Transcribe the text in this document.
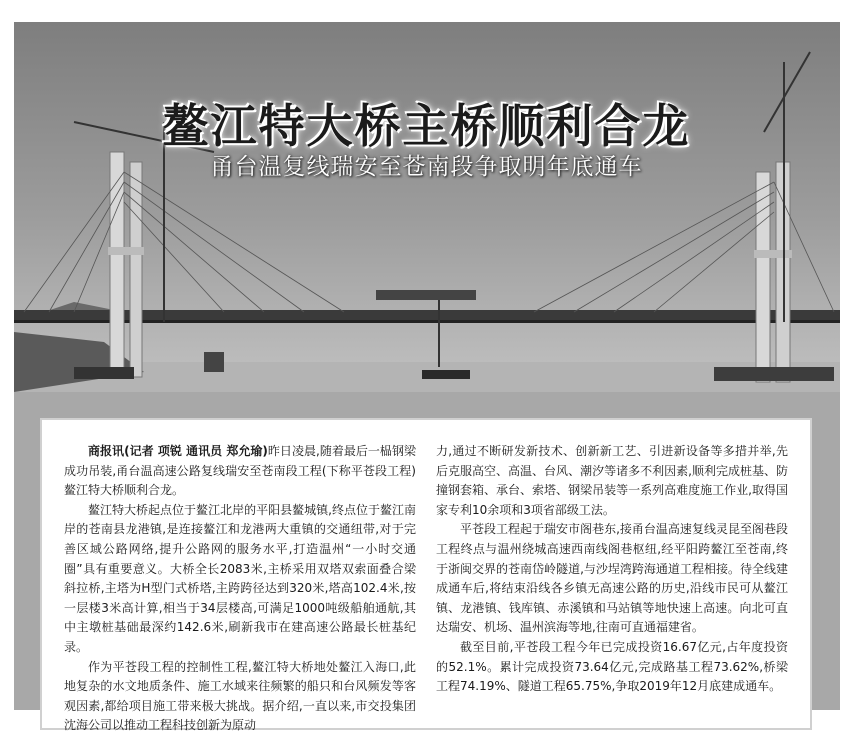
鳌江特大桥主桥顺利合龙
甬台温复线瑞安至苍南段争取明年底通车

商报讯(记者 项锐 通讯员 郑允瑜)昨日凌晨,随着最后一榀钢梁成功吊装,甬台温高速公路复线瑞安至苍南段工程(下称平苍段工程)鳌江特大桥顺利合龙。

鳌江特大桥起点位于鳌江北岸的平阳县鳌城镇,终点位于鳌江南岸的苍南县龙港镇,是连接鳌江和龙港两大重镇的交通纽带,对于完善区域公路网络,提升公路网的服务水平,打造温州“一小时交通圈”具有重要意义。大桥全长2083米,主桥采用双塔双索面叠合梁斜拉桥,主塔为H型门式桥塔,主跨跨径达到320米,塔高102.4米,按一层楼3米高计算,相当于34层楼高,可满足1000吨级船舶通航,其中主墩桩基础最深约142.6米,刷新我市在建高速公路最长桩基纪录。

作为平苍段工程的控制性工程,鳌江特大桥地处鳌江入海口,此地复杂的水文地质条件、施工水域来往频繁的船只和台风频发等客观因素,都给项目施工带来极大挑战。据介绍,一直以来,市交投集团沈海公司以推动工程科技创新为原动

力,通过不断研发新技术、创新新工艺、引进新设备等多措并举,先后克服高空、高温、台风、潮汐等诸多不利因素,顺利完成桩基、防撞钢套箱、承台、索塔、钢梁吊装等一系列高难度施工作业,取得国家专利10余项和3项省部级工法。

平苍段工程起于瑞安市阁巷东,接甬台温高速复线灵昆至阁巷段工程终点与温州绕城高速西南线阁巷枢纽,经平阳跨鳌江至苍南,终于浙闽交界的苍南岱岭隧道,与沙埕湾跨海通道工程相接。待全线建成通车后,将结束沿线各乡镇无高速公路的历史,沿线市民可从鳌江镇、龙港镇、钱库镇、赤溪镇和马站镇等地快速上高速。向北可直达瑞安、机场、温州滨海等地,往南可直通福建省。

截至目前,平苍段工程今年已完成投资16.67亿元,占年度投资的52.1%。累计完成投资73.64亿元,完成路基工程73.62%,桥梁工程74.19%、隧道工程65.75%,争取2019年12月底建成通车。
